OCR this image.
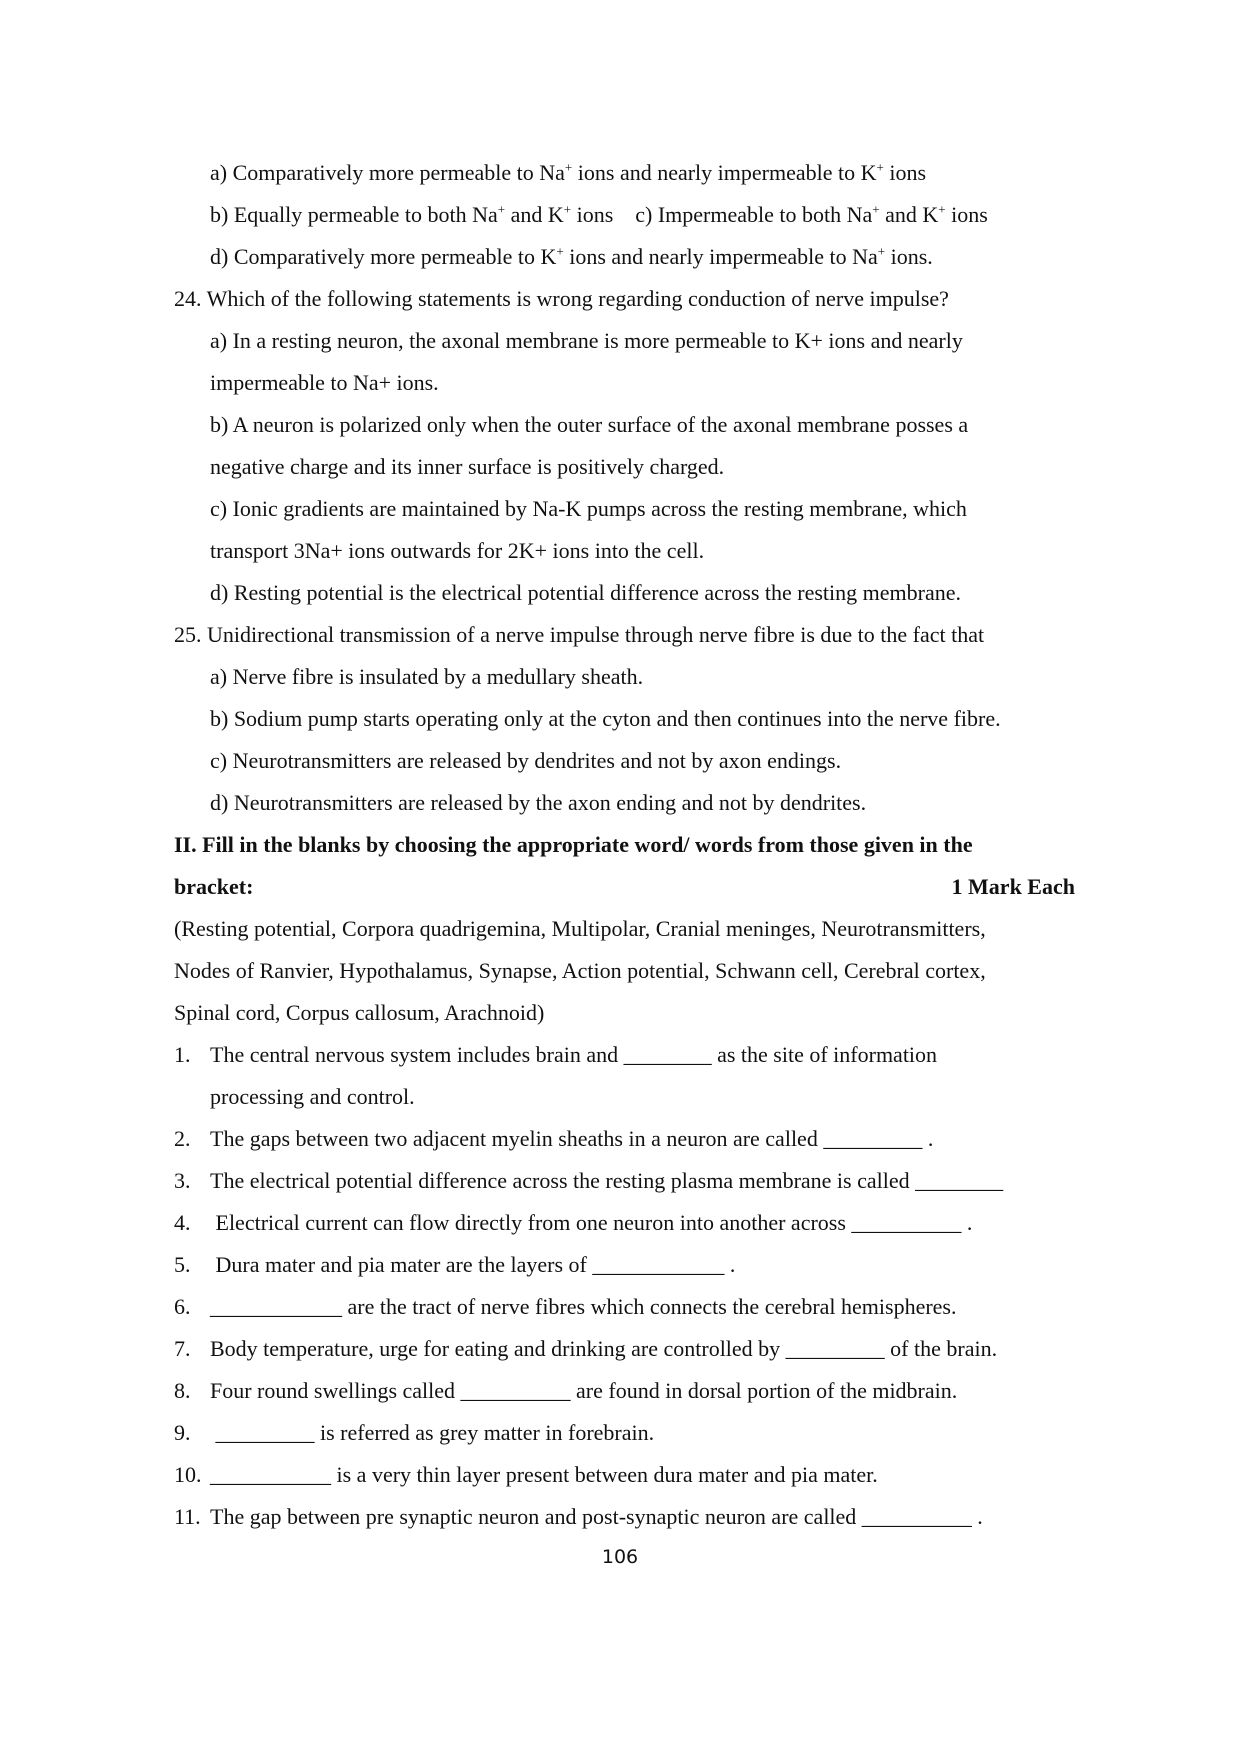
a) Comparatively more permeable to Na+ ions and nearly impermeable to K+ ions
b) Equally permeable to both Na+ and K+ ions    c) Impermeable to both Na+ and K+ ions
d) Comparatively more permeable to K+ ions and nearly impermeable to Na+ ions.
24. Which of the following statements is wrong regarding conduction of nerve impulse?
a) In a resting neuron, the axonal membrane is more permeable to K+ ions and nearly
impermeable to Na+ ions.
b) A neuron is polarized only when the outer surface of the axonal membrane posses a
negative charge and its inner surface is positively charged.
c) Ionic gradients are maintained by Na-K pumps across the resting membrane, which
transport 3Na+ ions outwards for 2K+ ions into the cell.
d) Resting potential is the electrical potential difference across the resting membrane.
25. Unidirectional transmission of a nerve impulse through nerve fibre is due to the fact that
a) Nerve fibre is insulated by a medullary sheath.
b) Sodium pump starts operating only at the cyton and then continues into the nerve fibre.
c) Neurotransmitters are released by dendrites and not by axon endings.
d) Neurotransmitters are released by the axon ending and not by dendrites.
II. Fill in the blanks by choosing the appropriate word/ words from those given in the
bracket:	1 Mark Each
(Resting potential, Corpora quadrigemina, Multipolar, Cranial meninges, Neurotransmitters,
Nodes of Ranvier, Hypothalamus, Synapse, Action potential, Schwann cell, Cerebral cortex,
Spinal cord, Corpus callosum, Arachnoid)
1. The central nervous system includes brain and ________ as the site of information
processing and control.
2. The gaps between two adjacent myelin sheaths in a neuron are called _________ .
3. The electrical potential difference across the resting plasma membrane is called ________
4. Electrical current can flow directly from one neuron into another across __________ .
5. Dura mater and pia mater are the layers of ____________ .
6. ____________ are the tract of nerve fibres which connects the cerebral hemispheres.
7. Body temperature, urge for eating and drinking are controlled by _________ of the brain.
8. Four round swellings called __________ are found in dorsal portion of the midbrain.
9. _________ is referred as grey matter in forebrain.
10. ___________ is a very thin layer present between dura mater and pia mater.
11. The gap between pre synaptic neuron and post-synaptic neuron are called __________ .
106
